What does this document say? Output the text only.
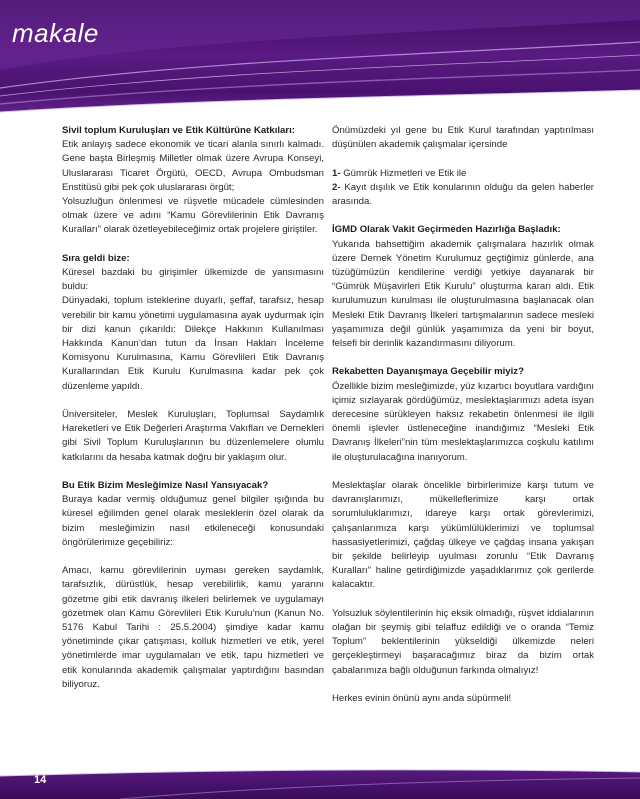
makale
Sivil toplum Kuruluşları ve Etik Kültürüne Katkıları:

Etik anlayış sadece ekonomik ve ticari alanla sınırlı kalmadı. Gene başta Birleşmiş Milletler olmak üzere Avrupa Konseyi, Uluslararası Ticaret Örgütü, OECD, Avrupa Ombudsman Enstitüsü gibi pek çok uluslararası örgüt;

Yolsuzluğun önlenmesi ve rüşvetle mücadele cümlesinden olmak üzere ve adını “Kamu Görevlilerinin Etik Davranış Kuralları” olarak özetleyebileceğimiz ortak projelere giriştiler.

Sıra geldi bize:

Küresel bazdaki bu girişimler ülkemizde de yansımasını buldu:

Dünyadaki, toplum isteklerine duyarlı, şeffaf, tarafsız, hesap verebilir bir kamu yönetimi uygulamasına ayak uydurmak için bir dizi kanun çıkarıldı: Dilekçe Hakkının Kullanılması Hakkında Kanun’dan tutun da İnsan Hakları İnceleme Komisyonu Kurulmasına, Kamu Görevlileri Etik Davranış Kurallarından Etik Kurulu Kurulmasına kadar pek çok düzenleme yapıldı.

Üniversiteler, Meslek Kuruluşları, Toplumsal Saydamlık Hareketleri ve Etik Değerleri Araştırma Vakıfları ve Dernekleri gibi Sivil Toplum Kuruluşlarının bu düzenlemelere olumlu katkılarını da hesaba katmak doğru bir yaklaşım olur.

Bu Etik Bizim Mesleğimize Nasıl Yansıyacak?

Buraya kadar vermiş olduğumuz genel bilgiler ışığında bu küresel eğilimden genel olarak mesleklerin özel olarak da bizim mesleğimizin nasıl etkileneceği konusundaki öngörülerimize geçebiliriz:

Amacı, kamu görevlilerinin uyması gereken saydamlık, tarafsızlık, dürüstlük, hesap verebilirlik, kamu yararını gözetme gibi etik davranış ilkeleri belirlemek ve uygulamayı gözetmek olan Kamu Görevlileri Etik Kurulu’nun (Kanun No. 5176 Kabul Tarihi : 25.5.2004) şimdiye kadar kamu yönetiminde çıkar çatışması, kolluk hizmetleri ve etik, yerel yönetimlerde imar uygulamaları ve etik, tapu hizmetleri ve etik konularında akademik çalışmalar yaptırdığını basından biliyoruz.

Önümüzdeki yıl gene bu Etik Kurul tarafından yaptırılması düşünülen akademik çalışmalar içersinde

1- Gümrük Hizmetleri ve Etik ile

2- Kayıt dışılık ve Etik konularının olduğu da gelen haberler arasında.

İGMD Olarak Vakit Geçirmeden Hazırlığa Başladık:

Yukarıda bahsettiğim akademik çalışmalara hazırlık olmak üzere Dernek Yönetim Kurulumuz geçtiğimiz günlerde, ana tüzüğümüzün kendilerine verdiği yetkiye dayanarak bir “Gümrük Müşavirleri Etik Kurulu” oluşturma kararı aldı. Etik kurulumuzun kurulması ile oluşturulmasına başlanacak olan Mesleki Etik Davranış İlkeleri tartışmalarının sadece mesleki yaşamımıza değil günlük yaşamımıza da yeni bir boyut, felsefi bir derinlik kazandırmasını diliyorum.

Rekabetten Dayanışmaya Geçebilir miyiz?

Özellikle bizim mesleğimizde, yüz kızartıcı boyutlara vardığını içimiz sızlayarak gördüğümüz, meslektaşlarımızı adeta isyan derecesine sürükleyen haksız rekabetin önlenmesi ile ilgili önemli işlevler üstleneceğine inandığımız “Mesleki Etik Davranış İlkeleri”nin tüm meslektaşlarımızca coşkulu katılımı ile oluşturulacağına inanıyorum.

Meslektaşlar olarak öncelikle birbirlerimize karşı tutum ve davranışlarımızı, mükelleflerimize karşı ortak sorumluluklarımızı, idareye karşı ortak görevlerimizi, çalışanlarımıza karşı yükümlülüklerimizi ve toplumsal hassasiyetlerimizi, çağdaş ülkeye ve çağdaş insana yakışan bir şekilde belirleyip uyulması zorunlu “Etik Davranış Kuralları” haline getirdiğimizde yaşadıklarımız çok gerilerde kalacaktır.

Yolsuzluk söylentilerinin hiç eksik olmadığı, rüşvet iddialarının olağan bir şeymiş gibi telaffuz edildiği ve o orandа “Temiz Toplum” beklentilerinin yükseldiği ülkemizde neleri gerçekleştirmeyi başaracağımız biraz da bizim ortak çabalarımıza bağlı olduğunun farkında olmalıyız!

Herkes evinin önünü aynı anda süpürmeli!

14
